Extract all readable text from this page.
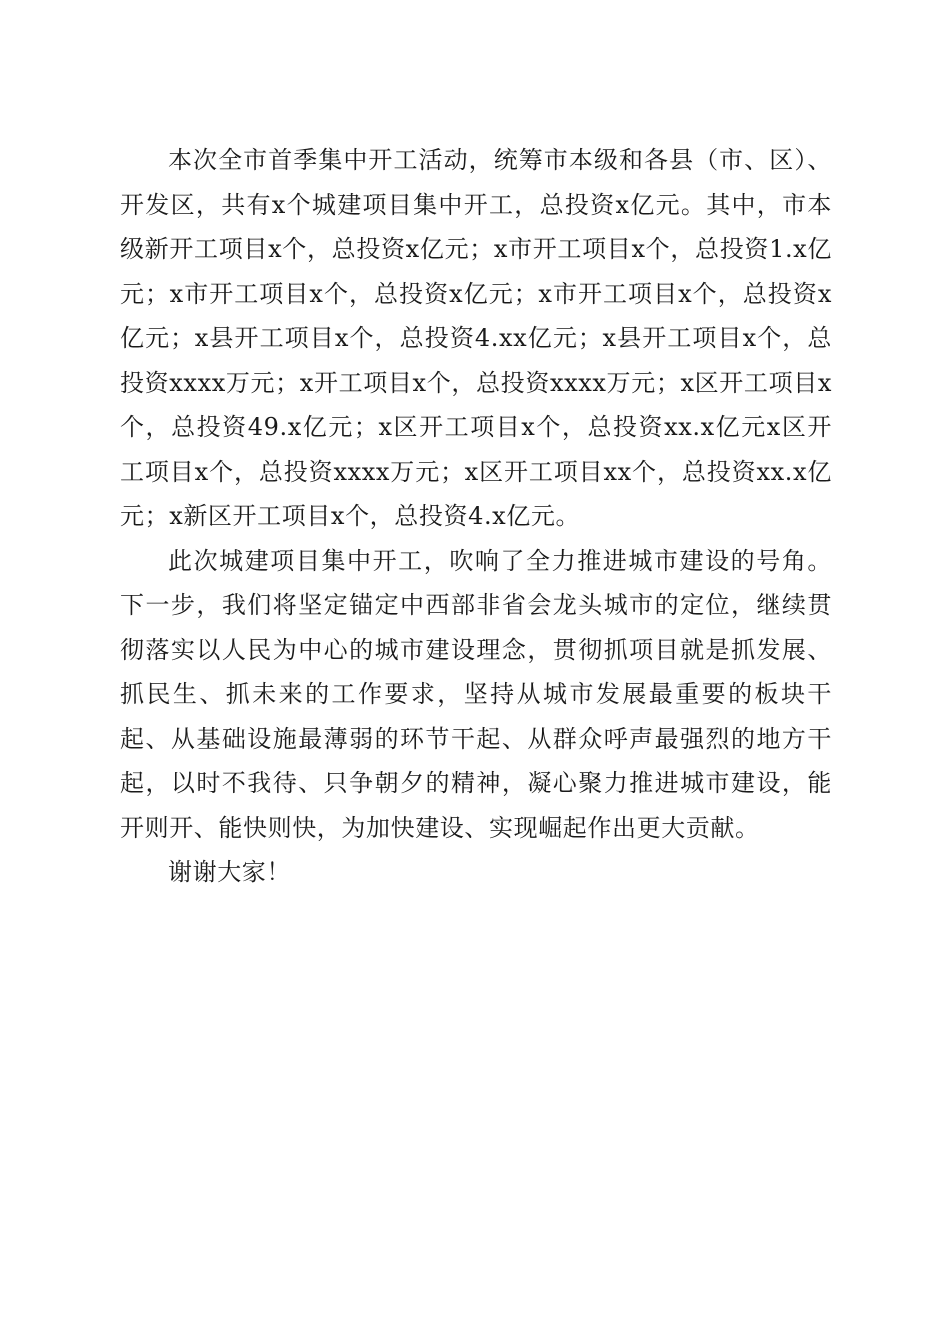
本次全市首季集中开工活动，统筹市本级和各县（市、区）、开发区，共有x个城建项目集中开工，总投资x亿元。其中，市本级新开工项目x个，总投资x亿元；x市开工项目x个，总投资1.x亿元；x市开工项目x个，总投资x亿元；x市开工项目x个，总投资x亿元；x县开工项目x个，总投资4.xx亿元；x县开工项目x个，总投资xxxx万元；x开工项目x个，总投资xxxx万元；x区开工项目x个，总投资49.x亿元；x区开工项目x个，总投资xx.x亿元x区开工项目x个，总投资xxxx万元；x区开工项目xx个，总投资xx.x亿元；x新区开工项目x个，总投资4.x亿元。

此次城建项目集中开工，吹响了全力推进城市建设的号角。下一步，我们将坚定锚定中西部非省会龙头城市的定位，继续贯彻落实以人民为中心的城市建设理念，贯彻抓项目就是抓发展、抓民生、抓未来的工作要求，坚持从城市发展最重要的板块干起、从基础设施最薄弱的环节干起、从群众呼声最强烈的地方干起，以时不我待、只争朝夕的精神，凝心聚力推进城市建设，能开则开、能快则快，为加快建设、实现崛起作出更大贡献。

谢谢大家！
